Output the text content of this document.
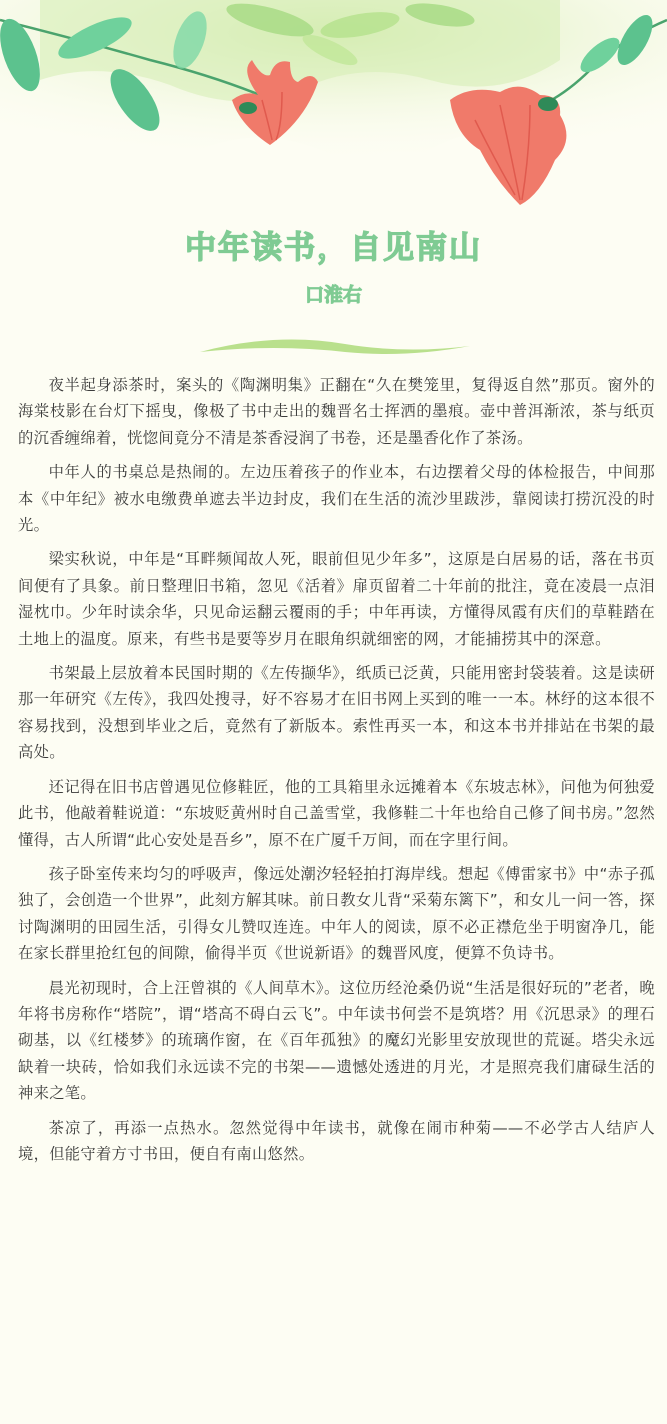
中年读书，自见南山
口淮右

夜半起身添茶时，案头的《陶渊明集》正翻在“久在樊笼里，复得返自然”那页。窗外的海棠枝影在台灯下摇曳，像极了书中走出的魏晋名士挥洒的墨痕。壶中普洱渐浓，茶与纸页的沉香缠绵着，恍惚间竟分不清是茶香浸润了书卷，还是墨香化作了茶汤。

中年人的书桌总是热闹的。左边压着孩子的作业本，右边摆着父母的体检报告，中间那本《中年纪》被水电缴费单遮去半边封皮，我们在生活的流沙里跋涉，靠阅读打捞沉没的时光。

梁实秋说，中年是“耳畔频闻故人死，眼前但见少年多”，这原是白居易的话，落在书页间便有了具象。前日整理旧书箱，忽见《活着》扉页留着二十年前的批注，竟在凌晨一点泪湿枕巾。少年时读余华，只见命运翻云覆雨的手；中年再读，方懂得凤霞有庆们的草鞋踏在土地上的温度。原来，有些书是要等岁月在眼角织就细密的网，才能捕捞其中的深意。

书架最上层放着本民国时期的《左传撷华》，纸质已泛黄，只能用密封袋装着。这是读研那一年研究《左传》，我四处搜寻，好不容易才在旧书网上买到的唯一一本。林纾的这本很不容易找到，没想到毕业之后，竟然有了新版本。索性再买一本，和这本书并排站在书架的最高处。

还记得在旧书店曾遇见位修鞋匠，他的工具箱里永远摊着本《东坡志林》，问他为何独爱此书，他敲着鞋说道：“东坡贬黄州时自己盖雪堂，我修鞋二十年也给自己修了间书房。”忽然懂得，古人所谓“此心安处是吾乡”，原不在广厦千万间，而在字里行间。

孩子卧室传来均匀的呼吸声，像远处潮汐轻轻拍打海岸线。想起《傅雷家书》中“赤子孤独了，会创造一个世界”，此刻方解其味。前日教女儿背“采菊东篱下”，和女儿一问一答，探讨陶渊明的田园生活，引得女儿赞叹连连。中年人的阅读，原不必正襟危坐于明窗净几，能在家长群里抢红包的间隙，偷得半页《世说新语》的魏晋风度，便算不负诗书。

晨光初现时，合上汪曾祺的《人间草木》。这位历经沧桑仍说“生活是很好玩的”老者，晚年将书房称作“塔院”，谓“塔高不碍白云飞”。中年读书何尝不是筑塔？用《沉思录》的理石砌基，以《红楼梦》的琉璃作窗，在《百年孤独》的魔幻光影里安放现世的荒诞。塔尖永远缺着一块砖，恰如我们永远读不完的书架——遗憾处透进的月光，才是照亮我们庸碌生活的神来之笔。

茶凉了，再添一点热水。忽然觉得中年读书，就像在闹市种菊——不必学古人结庐人境，但能守着方寸书田，便自有南山悠然。
